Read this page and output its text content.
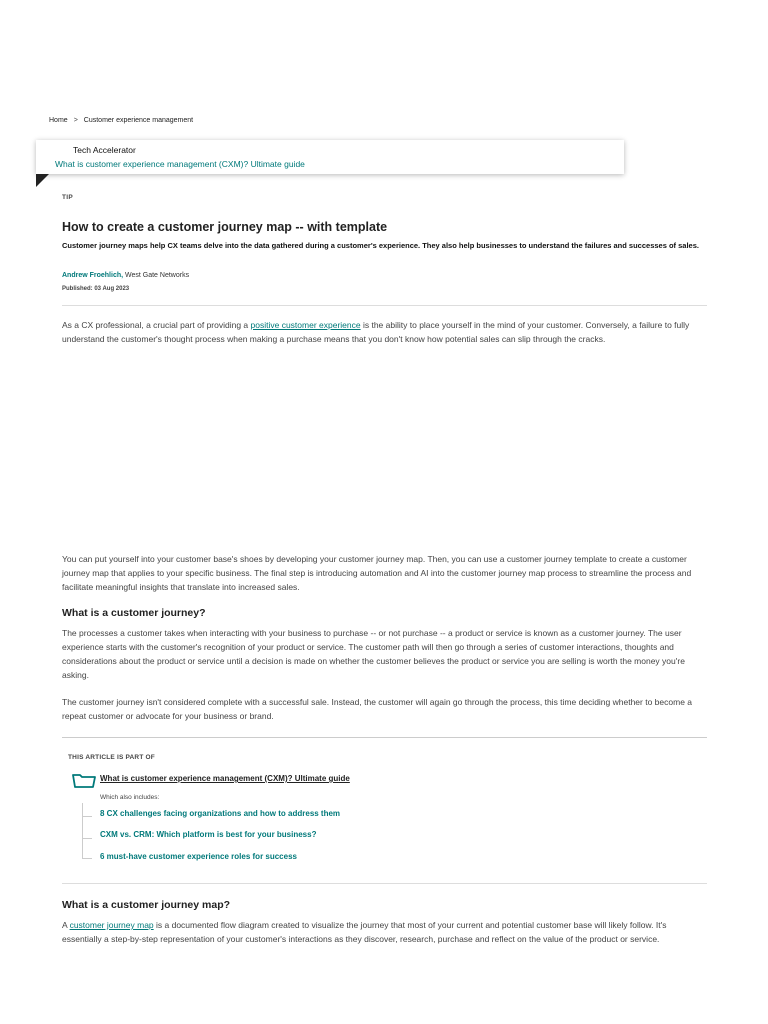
Home > Customer experience management
Tech Accelerator
What is customer experience management (CXM)? Ultimate guide
TIP
How to create a customer journey map -- with template

Customer journey maps help CX teams delve into the data gathered during a customer's experience. They also help businesses to understand the failures and successes of sales.

Andrew Froehlich, West Gate Networks
Published: 03 Aug 2023

As a CX professional, a crucial part of providing a positive customer experience is the ability to place yourself in the mind of your customer. Conversely, a failure to fully understand the customer's thought process when making a purchase means that you don't know how potential sales can slip through the cracks.

You can put yourself into your customer base's shoes by developing your customer journey map. Then, you can use a customer journey template to create a customer journey map that applies to your specific business. The final step is introducing automation and AI into the customer journey map process to streamline the process and facilitate meaningful insights that translate into increased sales.

What is a customer journey?

The processes a customer takes when interacting with your business to purchase -- or not purchase -- a product or service is known as a customer journey. The user experience starts with the customer's recognition of your product or service. The customer path will then go through a series of customer interactions, thoughts and considerations about the product or service until a decision is made on whether the customer believes the product or service you are selling is worth the money you're asking.

The customer journey isn't considered complete with a successful sale. Instead, the customer will again go through the process, this time deciding whether to become a repeat customer or advocate for your business or brand.

THIS ARTICLE IS PART OF
What is customer experience management (CXM)? Ultimate guide
Which also includes:
8 CX challenges facing organizations and how to address them
CXM vs. CRM: Which platform is best for your business?
6 must-have customer experience roles for success
What is a customer journey map?

A customer journey map is a documented flow diagram created to visualize the journey that most of your current and potential customer base will likely follow. It's essentially a step-by-step representation of your customer's interactions as they discover, research, purchase and reflect on the value of the product or service.
